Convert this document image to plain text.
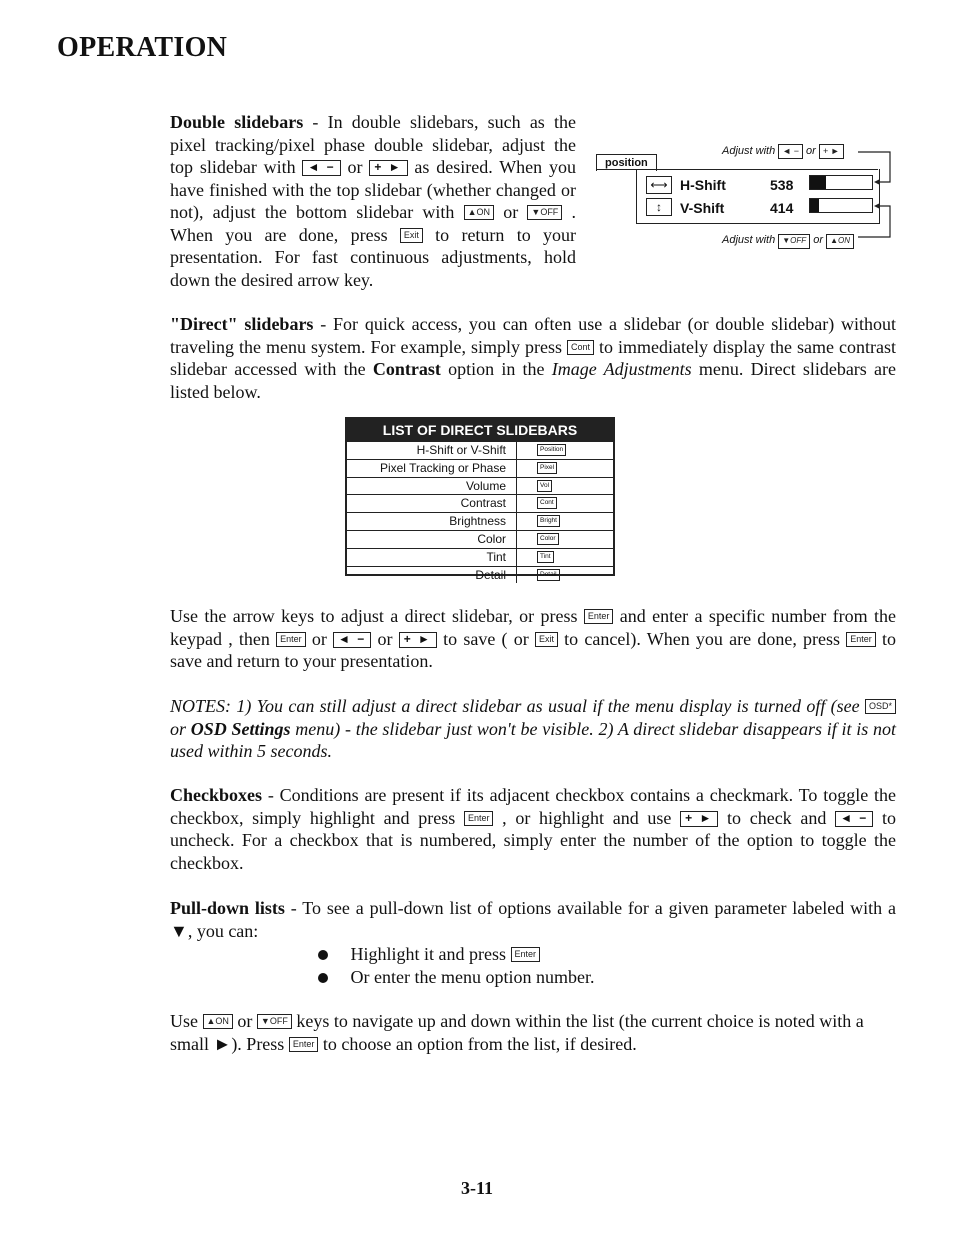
OPERATION
Double slidebars - In double slidebars, such as the pixel tracking/pixel phase double slidebar, adjust the top slidebar with ◄ − or + ► as desired. When you have finished with the top slidebar (whether changed or not), adjust the bottom slidebar with ▲ON or ▼OFF . When you are done, press Exit to return to your presentation. For fast continuous adjustments, hold down the desired arrow key.
Adjust with ◄ − or + ►
position
⟷ H-Shift	538
↕	V-Shift	414
Adjust with ▼OFF or ▲ON
"Direct" slidebars - For quick access, you can often use a slidebar (or double slidebar) without traveling the menu system. For example, simply press Cont to immediately display the same contrast slidebar accessed with the Contrast option in the Image Adjustments menu. Direct slidebars are listed below.
LIST OF DIRECT SLIDEBARS
H-Shift or V-Shift	Position
Pixel Tracking or Phase	Pixel
Volume	Vol
Contrast	Cont
Brightness	Bright
Color	Color
Tint	Tint
Detail	Detail
Use the arrow keys to adjust a direct slidebar, or press Enter and enter a specific number from the keypad , then Enter or ◄ − or + ► to save ( or Exit to cancel). When you are done, press Enter to save and return to your presentation.
NOTES: 1) You can still adjust a direct slidebar as usual if the menu display is turned off (see OSD* or OSD Settings menu) - the slidebar just won't be visible. 2) A direct slidebar disappears if it is not used within 5 seconds.
Checkboxes - Conditions are present if its adjacent checkbox contains a checkmark. To toggle the checkbox, simply highlight and press Enter , or highlight and use + ► to check and ◄ − to uncheck. For a checkbox that is numbered, simply enter the number of the option to toggle the checkbox.
Pull-down lists - To see a pull-down list of options available for a given parameter labeled with a ▼, you can:
Highlight it and press Enter
Or enter the menu option number.
Use ▲ON or ▼OFF keys to navigate up and down within the list (the current choice is noted with a small ►). Press Enter to choose an option from the list, if desired.
3-11
